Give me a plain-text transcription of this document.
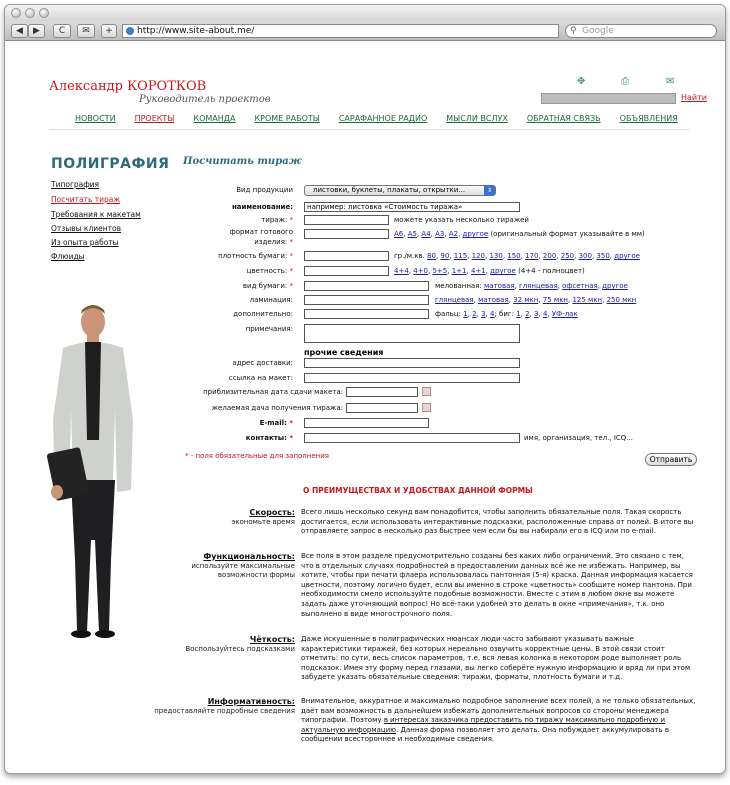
◀	▶	C	✉	+	http://www.site-about.me/	⚲ Google
Александр КОРОТКОВ
Руководитель проектов
✥	⎙	✉
Найти
НОВОСТИ ПРОЕКТЫ КОМАНДА КРОМЕ РАБОТЫ САРАФАННОЕ РАДИО МЫСЛИ ВСЛУХ ОБРАТНАЯ СВЯЗЬ ОБЪЯВЛЕНИЯ
ПОЛИГРАФИЯ Посчитать тираж
Типография
Посчитать тираж
Требования к макетам
Отзывы клиентов
Из опыта работы
Флюиды
Вид продукции	листовки, буклеты, плакаты, открытки...	⇕
наименование:	например: листовка «Стоимость тиража»
тираж: *	можете указать несколько тиражей
формат готового
изделия: *
А6, А5, А4, А3, А2, другое (оригинальный формат указывайте в мм)
плотность бумаги: *	гр./м.кв. 80, 90, 115, 120, 130, 150, 170, 200, 250, 300, 350, другое
цветность: *	4+4, 4+0, 5+5, 1+1, 4+1, другое (4+4 - полноцвет)
вид бумаги: *	мелованная: матовая, глянцевая, офсетная, другое
ламинация:	глянцевая, матовая, 32 мкн, 75 мкн, 125 мкн, 250 мкн
дополнительно:	фальц: 1, 2, 3, 4; биг: 1, 2, 3, 4, УФ-лак
примечания:
прочие сведения
адрес доставки:
ссылка на макет:
приблизительная дата сдачи макета:
желаемая дача получения тиража:
E-mail: *
контакты: *	имя, организация, тел., ICQ...
* - поля обязательные для заполнения	Отправить
О ПРЕИМУЩЕСТВАХ И УДОБСТВАХ ДАННОЙ ФОРМЫ
Скорость:
экономьте время
Всего лишь несколько секунд вам понадобится, чтобы заполнить обязательные поля. Такая скорость достигается, если использовать интерактивные подсказки, расположенные справа от полей. В итоге вы отправляете запрос в несколько раз быстрее чем если бы вы набирали его в ICQ или по e-mail.
Функциональность:
используйте максимальные возможности формы
Все поля в этом разделе предусмотрительно созданы без каких либо ограничений. Это связано с тем, что в отдельных случаях подробностей в предоставлении данных всё же не избежать. Например, вы хотите, чтобы при печати флаера использовалась пантонная (5-я) краска. Данная информация касается цветности, поэтому логично будет, если вы именно в строке «цветность» сообщите номер пантона. При необходимости смело используйте подобные возможности. Вместе с этим в любом окне вы можете задать даже уточняющий вопрос! Но всё-таки удобней это делать в окне «примечания», т.к. оно выполнено в виде многострочного поля.
Чёткость:
Воспользуйтесь подсказками
Даже искушенные в полиграфических нюансах люди часто забывают указывать важные характеристики тиражей, без которых нереально озвучить корректные цены. В этой связи стоит отметить: по сути, весь список параметров, т.е. вся левая колонка в некотором роде выполняет роль подсказок. Имея эту форму перед глазами, вы легко соберёте нужную информацию и вряд ли при этом забудете указать обязательные сведения: тиражи, форматы, плотность бумаги и т.д.
Информативность:
предоставляйте подробные сведения
Внимательное, аккуратное и максимально подробное заполнение всех полей, а не только обязательных, даёт вам возможность в дальнейшем избежать дополнительных вопросов со стороны менеджера типографии. Поэтому в интересах заказчика предоставить по тиражу максимально подробную и актуальную информацию. Данная форма позволяет это делать. Она побуждает аккумулировать в сообщении всестороннее и необходимые сведения.
